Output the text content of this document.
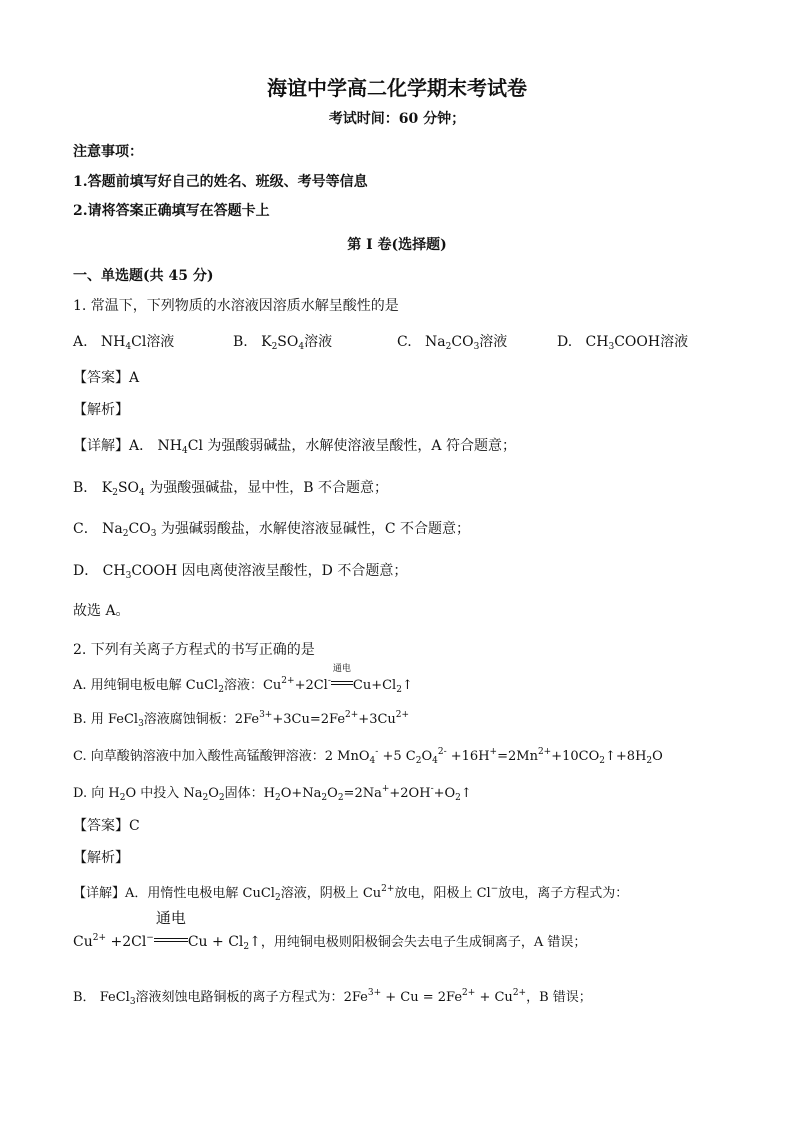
海谊中学高二化学期末考试卷
考试时间：60 分钟；
注意事项：
1.答题前填写好自己的姓名、班级、考号等信息
2.请将答案正确填写在答题卡上
第 I 卷(选择题)
一、单选题(共 45 分)
1. 常温下，下列物质的水溶液因溶质水解呈酸性的是
A.   $NH_4Cl$溶液	B.   $K_2SO_4$溶液	C.   $Na_2CO_3$溶液	D.   $CH_3COOH$溶液
【答案】A
【解析】
【详解】A． $NH_4Cl$ 为强酸弱碱盐，水解使溶液呈酸性，A 符合题意；
B． $K_2SO_4$ 为强酸强碱盐，显中性，B 不合题意；
C． $Na_2CO_3$ 为强碱弱酸盐，水解使溶液显碱性，C 不合题意；
D． $CH_3COOH$ 因电离使溶液呈酸性，D 不合题意；
故选 A。
2. 下列有关离子方程式的书写正确的是
A. 用纯铜电板电解 CuCl$_2$溶液：$Cu^{2+}+2Cl^-$
通电
$Cu+Cl_2↑$
B. 用 FeCl$_3$溶液腐蚀铜板：$2Fe^{3+}+3Cu=2Fe^{2+}+3Cu^{2+}$
C. 向草酸钠溶液中加入酸性高锰酸钾溶液：2 MnO$_4$- +5 $C_2O_4^{2-}$ $+16H^+=2Mn^{2+}+10CO_2↑+8H_2O$
D. 向 $H_2O$ 中投入 $Na_2O_2$固体：$H_2O+Na_2O_2=2Na^++2OH^-+O_2↑$
【答案】C
【解析】
【详解】A．用惰性电极电解 CuCl$_2$溶液，阴极上 $Cu^{2+}$放电，阳极上 Cl−放电，离子方程式为：
$Cu^{2+} +2Cl^-$
通电
$Cu + Cl_2↑$，用纯铜电极则阳极铜会失去电子生成铜离子，A 错误；
B． FeCl$_3$溶液刻蚀电路铜板的离子方程式为：$2Fe^{3+} + Cu = 2Fe^{2+} + Cu^{2+}$，B 错误；
